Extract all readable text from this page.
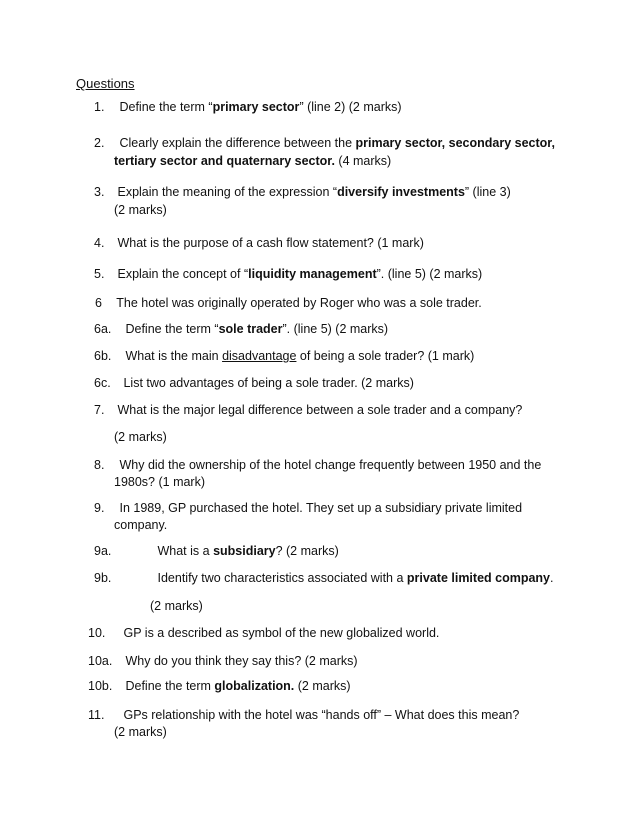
Questions
1. Define the term “primary sector” (line 2) (2 marks)
2. Clearly explain the difference between the primary sector, secondary sector,
tertiary sector and quaternary sector. (4 marks)
3. Explain the meaning of the expression “diversify investments” (line 3)
(2 marks)
4. What is the purpose of a cash flow statement? (1 mark)
5. Explain the concept of “liquidity management”. (line 5) (2 marks)
6 The hotel was originally operated by Roger who was a sole trader.
6a. Define the term “sole trader”. (line 5) (2 marks)
6b. What is the main disadvantage of being a sole trader? (1 mark)
6c. List two advantages of being a sole trader. (2 marks)
7. What is the major legal difference between a sole trader and a company?
(2 marks)
8. Why did the ownership of the hotel change frequently between 1950 and the
1980s? (1 mark)
9. In 1989, GP purchased the hotel. They set up a subsidiary private limited
company.
9a.	What is a subsidiary? (2 marks)
9b.	Identify two characteristics associated with a private limited company.
(2 marks)
10. GP is a described as symbol of the new globalized world.
10a. Why do you think they say this? (2 marks)
10b. Define the term globalization. (2 marks)
11. GPs relationship with the hotel was “hands off” – What does this mean?
(2 marks)
